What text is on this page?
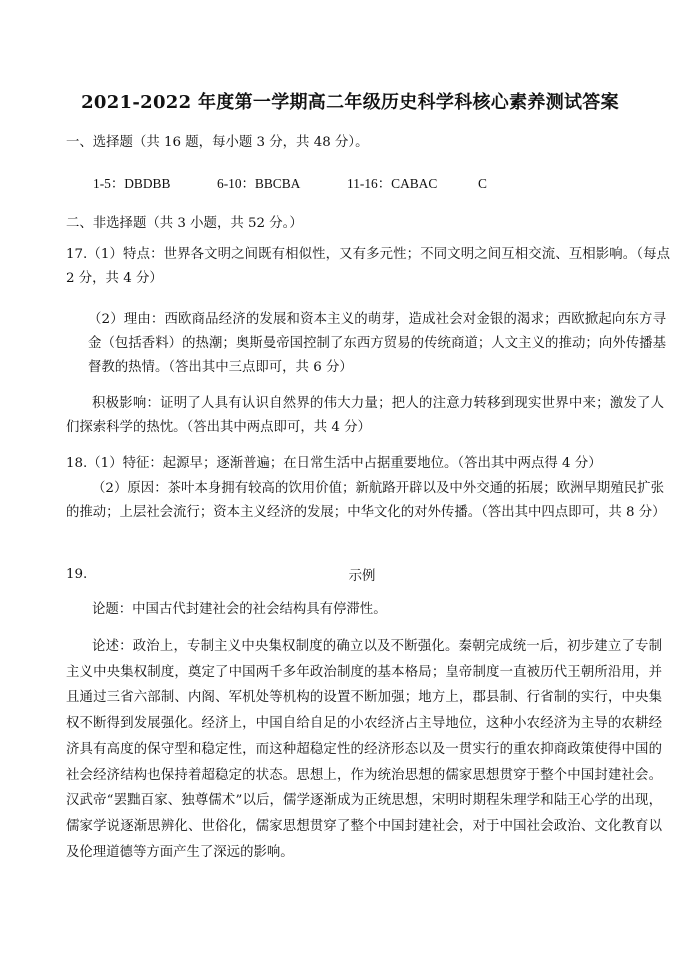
2021-2022 年度第一学期高二年级历史科学科核心素养测试答案
一、选择题（共 16 题，每小题 3 分，共 48 分）。
1-5：DBDBB	6-10：BBCBA	11-16：CABAC	C
二、非选择题（共 3 小题，共 52 分。）
17.（1）特点：世界各文明之间既有相似性，又有多元性；不同文明之间互相交流、互相影响。（每点 2 分，共 4 分）
（2）理由：西欧商品经济的发展和资本主义的萌芽，造成社会对金银的渴求；西欧掀起向东方寻金（包括香料）的热潮；奥斯曼帝国控制了东西方贸易的传统商道；人文主义的推动；向外传播基督教的热情。（答出其中三点即可，共 6 分）
积极影响：证明了人具有认识自然界的伟大力量；把人的注意力转移到现实世界中来；激发了人们探索科学的热忱。（答出其中两点即可，共 4 分）
18.（1）特征：起源早；逐渐普遍；在日常生活中占据重要地位。（答出其中两点得 4 分）
（2）原因：茶叶本身拥有较高的饮用价值；新航路开辟以及中外交通的拓展；欧洲早期殖民扩张的推动；上层社会流行；资本主义经济的发展；中华文化的对外传播。（答出其中四点即可，共 8 分）
19.	示例
论题：中国古代封建社会的社会结构具有停滞性。
论述：政治上，专制主义中央集权制度的确立以及不断强化。秦朝完成统一后，初步建立了专制主义中央集权制度，奠定了中国两千多年政治制度的基本格局；皇帝制度一直被历代王朝所沿用，并且通过三省六部制、内阁、军机处等机构的设置不断加强；地方上，郡县制、行省制的实行，中央集权不断得到发展强化。经济上，中国自给自足的小农经济占主导地位，这种小农经济为主导的农耕经济具有高度的保守型和稳定性，而这种超稳定性的经济形态以及一贯实行的重农抑商政策使得中国的社会经济结构也保持着超稳定的状态。思想上，作为统治思想的儒家思想贯穿于整个中国封建社会。汉武帝“罢黜百家、独尊儒术”以后，儒学逐渐成为正统思想，宋明时期程朱理学和陆王心学的出现，儒家学说逐渐思辨化、世俗化，儒家思想贯穿了整个中国封建社会，对于中国社会政治、文化教育以及伦理道德等方面产生了深远的影响。
